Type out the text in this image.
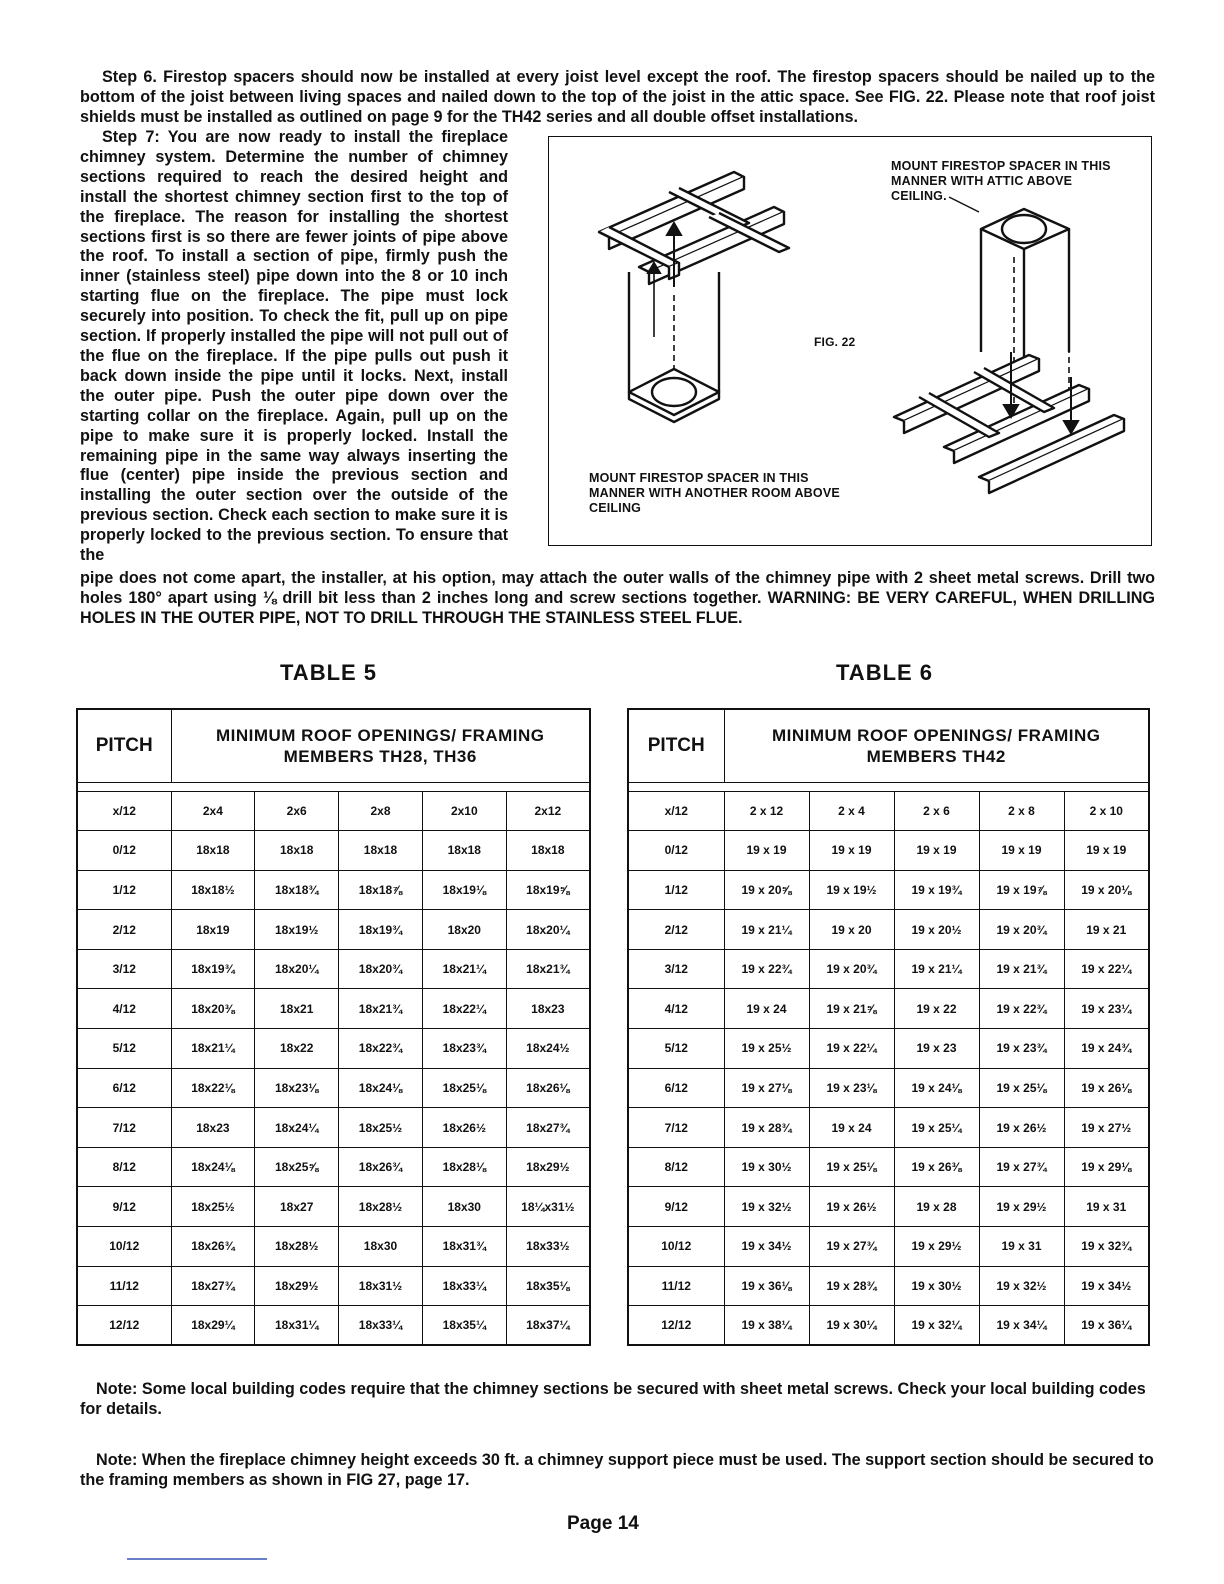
Step 6. Firestop spacers should now be installed at every joist level except the roof. The firestop spacers should be nailed up to the bottom of the joist between living spaces and nailed down to the top of the joist in the attic space. See FIG. 22. Please note that roof joist shields must be installed as outlined on page 9 for the TH42 series and all double offset installations.

Step 7: You are now ready to install the fireplace chimney system. Determine the number of chimney sections required to reach the desired height and install the shortest chimney section first to the top of the fireplace. The reason for installing the shortest sections first is so there are fewer joints of pipe above the roof. To install a section of pipe, firmly push the inner (stainless steel) pipe down into the 8 or 10 inch starting flue on the fireplace. The pipe must lock securely into position. To check the fit, pull up on pipe section. If properly installed the pipe will not pull out of the flue on the fireplace. If the pipe pulls out push it back down inside the pipe until it locks. Next, install the outer pipe. Push the outer pipe down over the starting collar on the fireplace. Again, pull up on the pipe to make sure it is properly locked. Install the remaining pipe in the same way always inserting the flue (center) pipe inside the previous section and installing the outer section over the outside of the previous section. Check each section to make sure it is properly locked to the previous section. To ensure that the

pipe does not come apart, the installer, at his option, may attach the outer walls of the chimney pipe with 2 sheet metal screws. Drill two holes 180° apart using ⅛ drill bit less than 2 inches long and screw sections together. WARNING: BE VERY CAREFUL, WHEN DRILLING HOLES IN THE OUTER PIPE, NOT TO DRILL THROUGH THE STAINLESS STEEL FLUE.

MOUNT FIRESTOP SPACER IN THIS MANNER WITH ATTIC ABOVE CEILING.
FIG. 22
MOUNT FIRESTOP SPACER IN THIS MANNER WITH ANOTHER ROOM ABOVE CEILING
TABLE 5	TABLE 6
PITCH	MINIMUM ROOF OPENINGS/ FRAMING MEMBERS TH28, TH36				

x/12	2x4	2x6	2x8	2x10	2x12
0/12	18x18	18x18	18x18	18x18	18x18
1/12	18x18½	18x18¾	18x18⅞	18x19⅛	18x19⅝
2/12	18x19	18x19½	18x19¾	18x20	18x20¼
3/12	18x19¾	18x20¼	18x20¾	18x21¼	18x21¾
4/12	18x20⅜	18x21	18x21¾	18x22¼	18x23
5/12	18x21¼	18x22	18x22¾	18x23¾	18x24½
6/12	18x22⅛	18x23⅛	18x24⅛	18x25⅛	18x26⅛
7/12	18x23	18x24¼	18x25½	18x26½	18x27¾
8/12	18x24⅛	18x25⅝	18x26¾	18x28⅛	18x29½
9/12	18x25½	18x27	18x28½	18x30	18¼x31½
10/12	18x26¾	18x28½	18x30	18x31¾	18x33½
11/12	18x27¾	18x29½	18x31½	18x33¼	18x35⅛
12/12	18x29¼	18x31¼	18x33¼	18x35¼	18x37¼
PITCH	MINIMUM ROOF OPENINGS/ FRAMING MEMBERS TH42				

x/12	2 x 12	2 x 4	2 x 6	2 x 8	2 x 10
0/12	19 x 19	19 x 19	19 x 19	19 x 19	19 x 19
1/12	19 x 20⅝	19 x 19½	19 x 19¾	19 x 19⅞	19 x 20⅛
2/12	19 x 21¼	19 x 20	19 x 20½	19 x 20¾	19 x 21
3/12	19 x 22¾	19 x 20¾	19 x 21¼	19 x 21¾	19 x 22¼
4/12	19 x 24	19 x 21⅝	19 x 22	19 x 22¾	19 x 23¼
5/12	19 x 25½	19 x 22¼	19 x 23	19 x 23¾	19 x 24¾
6/12	19 x 27⅛	19 x 23⅛	19 x 24⅛	19 x 25⅛	19 x 26⅛
7/12	19 x 28¾	19 x 24	19 x 25¼	19 x 26½	19 x 27½
8/12	19 x 30½	19 x 25⅛	19 x 26⅜	19 x 27¾	19 x 29⅛
9/12	19 x 32½	19 x 26½	19 x 28	19 x 29½	19 x 31
10/12	19 x 34½	19 x 27¾	19 x 29½	19 x 31	19 x 32¾
11/12	19 x 36⅛	19 x 28¾	19 x 30½	19 x 32½	19 x 34½
12/12	19 x 38¼	19 x 30¼	19 x 32¼	19 x 34¼	19 x 36¼

Note: Some local building codes require that the chimney sections be secured with sheet metal screws. Check your local building codes for details.

Note: When the fireplace chimney height exceeds 30 ft. a chimney support piece must be used. The support section should be secured to the framing members as shown in FIG 27, page 17.

Page 14
